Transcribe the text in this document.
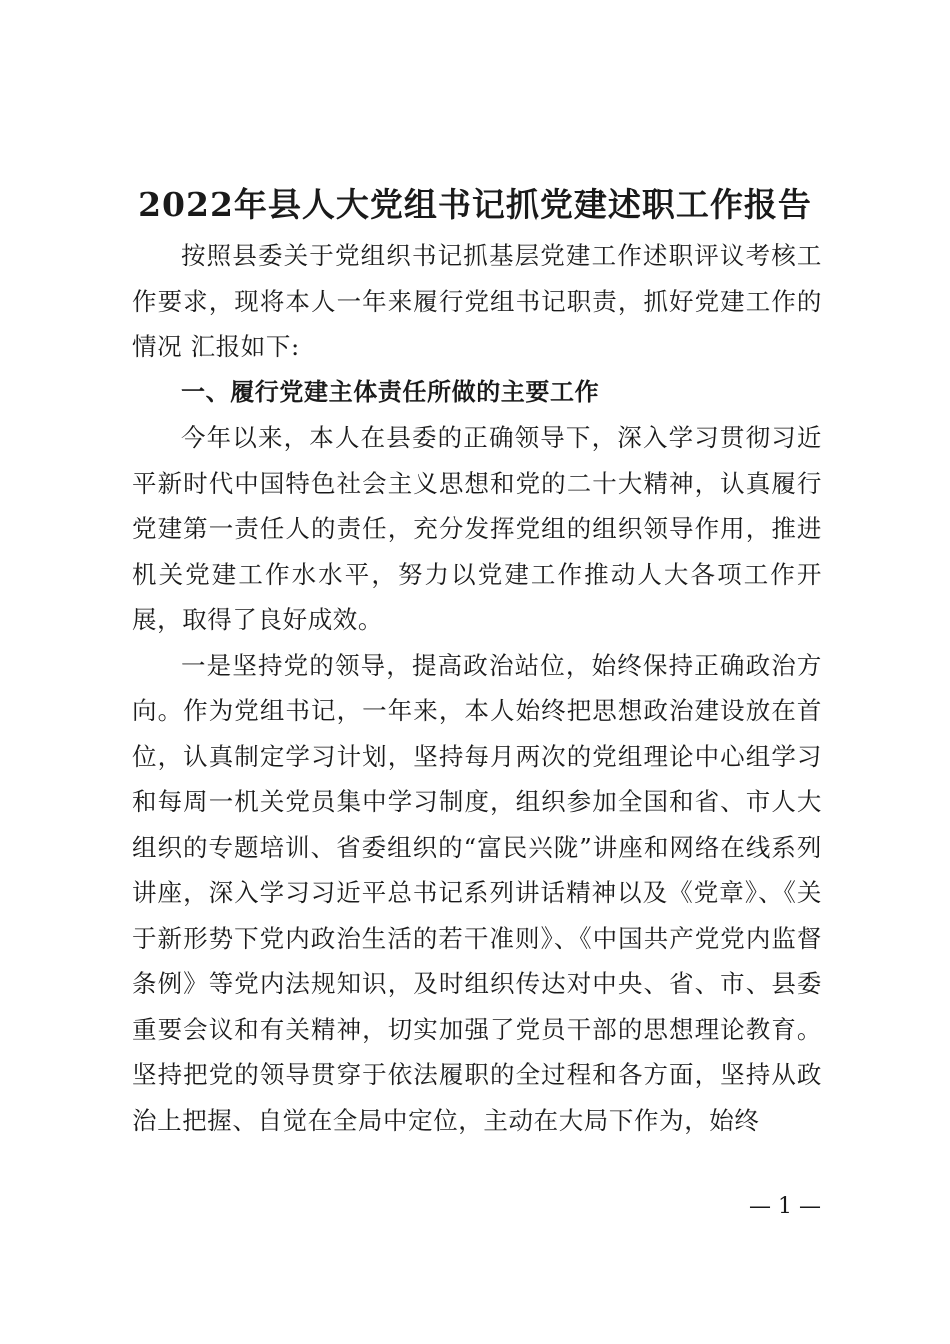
2022年县人大党组书记抓党建述职工作报告

按照县委关于党组织书记抓基层党建工作述职评议考核工作要求，现将本人一年来履行党组书记职责，抓好党建工作的情况 汇报如下:

一、履行党建主体责任所做的主要工作

今年以来，本人在县委的正确领导下，深入学习贯彻习近平新时代中国特色社会主义思想和党的二十大精神，认真履行党建第一责任人的责任，充分发挥党组的组织领导作用，推进机关党建工作水水平，努力以党建工作推动人大各项工作开展，取得了良好成效。

一是坚持党的领导，提高政治站位，始终保持正确政治方向。作为党组书记，一年来，本人始终把思想政治建设放在首位，认真制定学习计划，坚持每月两次的党组理论中心组学习和每周一机关党员集中学习制度，组织参加全国和省、市人大组织的专题培训、省委组织的“富民兴陇”讲座和网络在线系列讲座，深入学习习近平总书记系列讲话精神以及《党章》、《关于新形势下党内政治生活的若干准则》、《中国共产党党内监督条例》等党内法规知识，及时组织传达对中央、省、市、县委重要会议和有关精神，切实加强了党员干部的思想理论教育。坚持把党的领导贯穿于依法履职的全过程和各方面，坚持从政治上把握、自觉在全局中定位，主动在大局下作为，始终

— 1 —
